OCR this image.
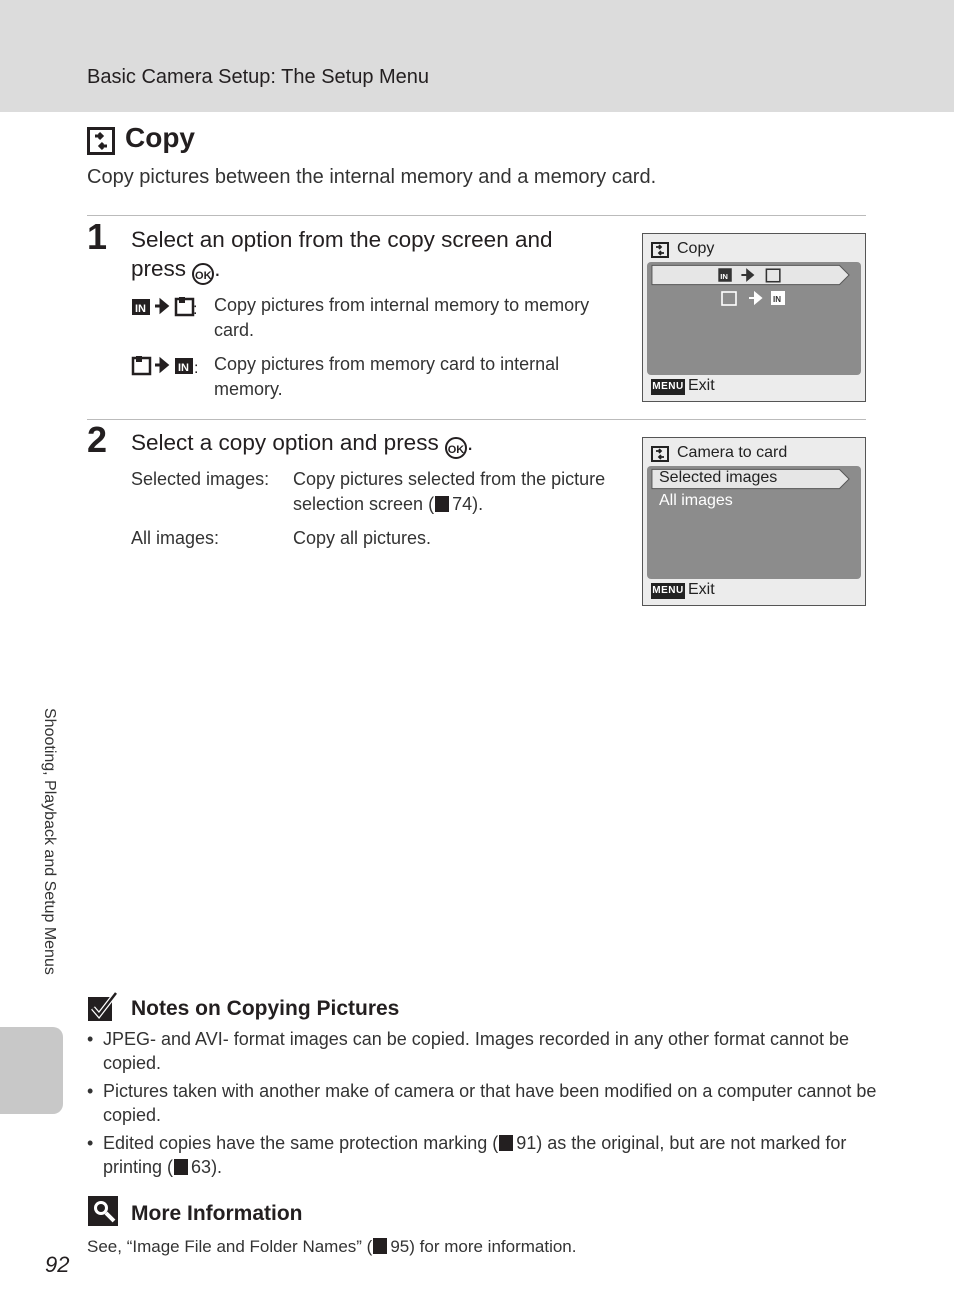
Basic Camera Setup: The Setup Menu
Copy
Copy pictures between the internal memory and a memory card.
1 Select an option from the copy screen and press OK .
IN	: Copy pictures from internal memory to memory card.
IN : Copy pictures from memory card to internal memory.
Copy
IN
IN
MENU Exit
2 Select a copy option and press OK .
Selected images: Copy pictures selected from the picture selection screen ( 74).
All images:	Copy all pictures.
Camera to card
Selected images
All images
MENU Exit
Shooting, Playback and Setup Menus
Notes on Copying Pictures
• JPEG- and AVI- format images can be copied. Images recorded in any other format cannot be copied.
• Pictures taken with another make of camera or that have been modified on a computer cannot be copied.
• Edited copies have the same protection marking ( 91) as the original, but are not marked for printing ( 63).
More Information
See, “Image File and Folder Names” ( 95) for more information.
92
